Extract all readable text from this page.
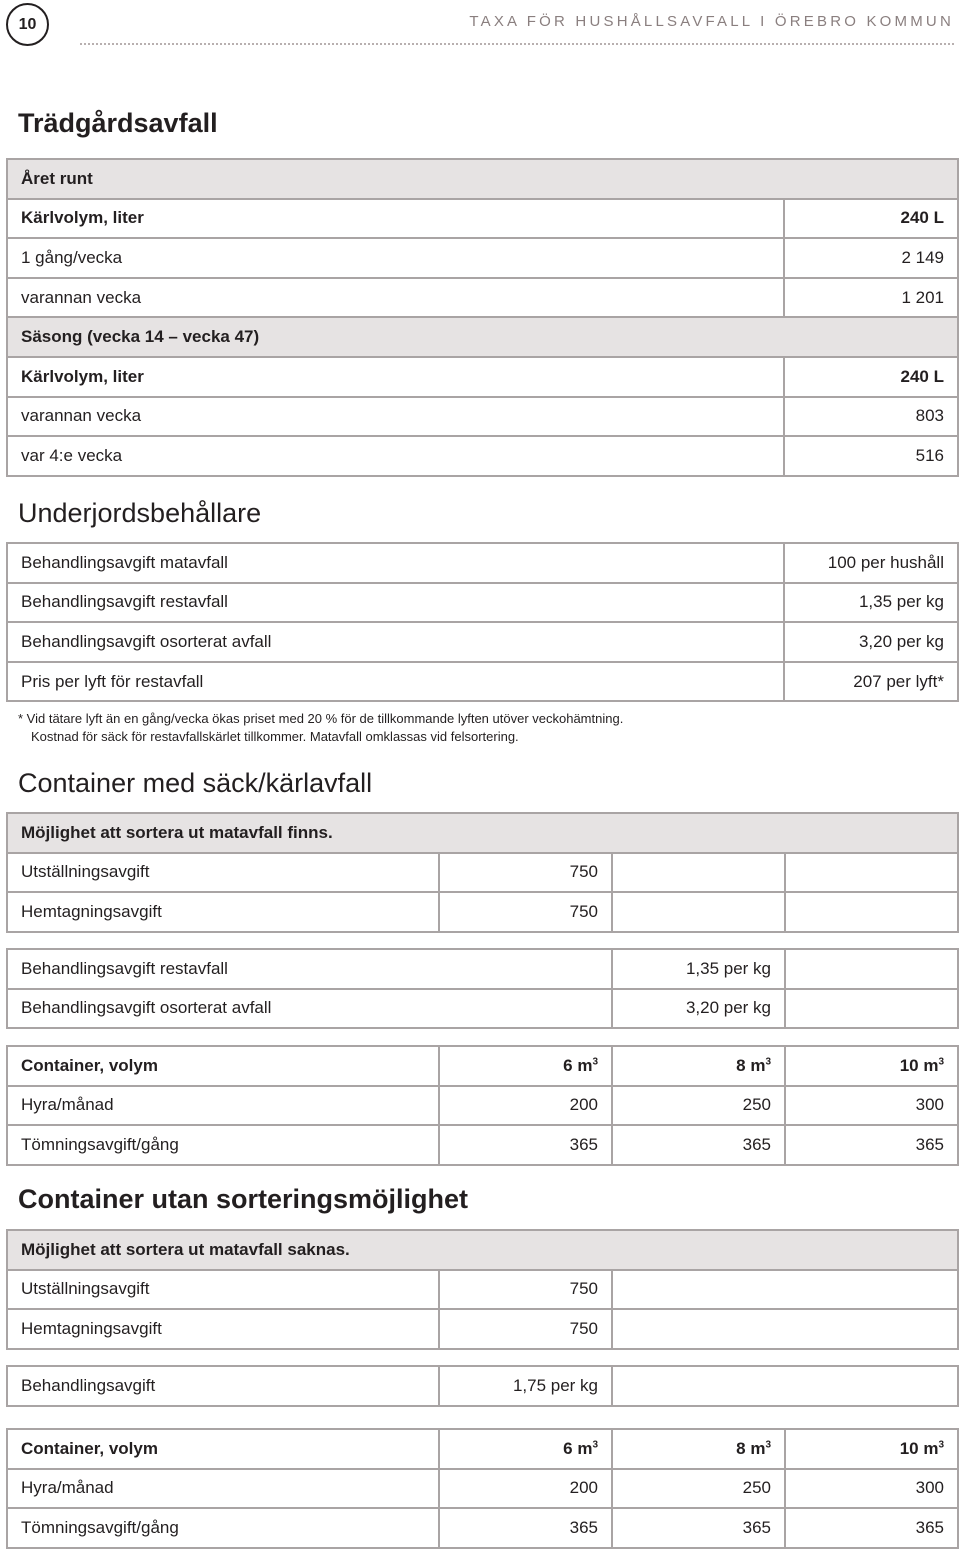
10	TAXA FÖR HUSHÅLLSAVFALL I ÖREBRO KOMMUN
Trädgårdsavfall
Året runt	
Kärlvolym, liter	240 L
1 gång/vecka	2 149
varannan vecka	1 201
Säsong (vecka 14 – vecka 47)	
Kärlvolym, liter	240 L
varannan vecka	803
var 4:e vecka	516
Underjordsbehållare
Behandlingsavgift matavfall	100 per hushåll
Behandlingsavgift restavfall	1,35 per kg
Behandlingsavgift osorterat avfall	3,20 per kg
Pris per lyft för restavfall	207 per lyft*
* Vid tätare lyft än en gång/vecka ökas priset med 20 % för de tillkommande lyften utöver veckohämtning.
Kostnad för säck för restavfallskärlet tillkommer. Matavfall omklassas vid felsortering.
Container med säck/kärlavfall
Möjlighet att sortera ut matavfall finns.			
Utställningsavgift	750		
Hemtagningsavgift	750		
Behandlingsavgift restavfall	1,35 per kg	
Behandlingsavgift osorterat avfall	3,20 per kg	
Container, volym	6 $m^3$	8 $m^3$	10 $m^3$
Hyra/månad	200	250	300
Tömningsavgift/gång	365	365	365
Container utan sorteringsmöjlighet
Möjlighet att sortera ut matavfall saknas.		
Utställningsavgift	750	
Hemtagningsavgift	750	
Behandlingsavgift	1,75 per kg	
Container, volym	6 $m^3$	8 $m^3$	10 $m^3$
Hyra/månad	200	250	300
Tömningsavgift/gång	365	365	365
